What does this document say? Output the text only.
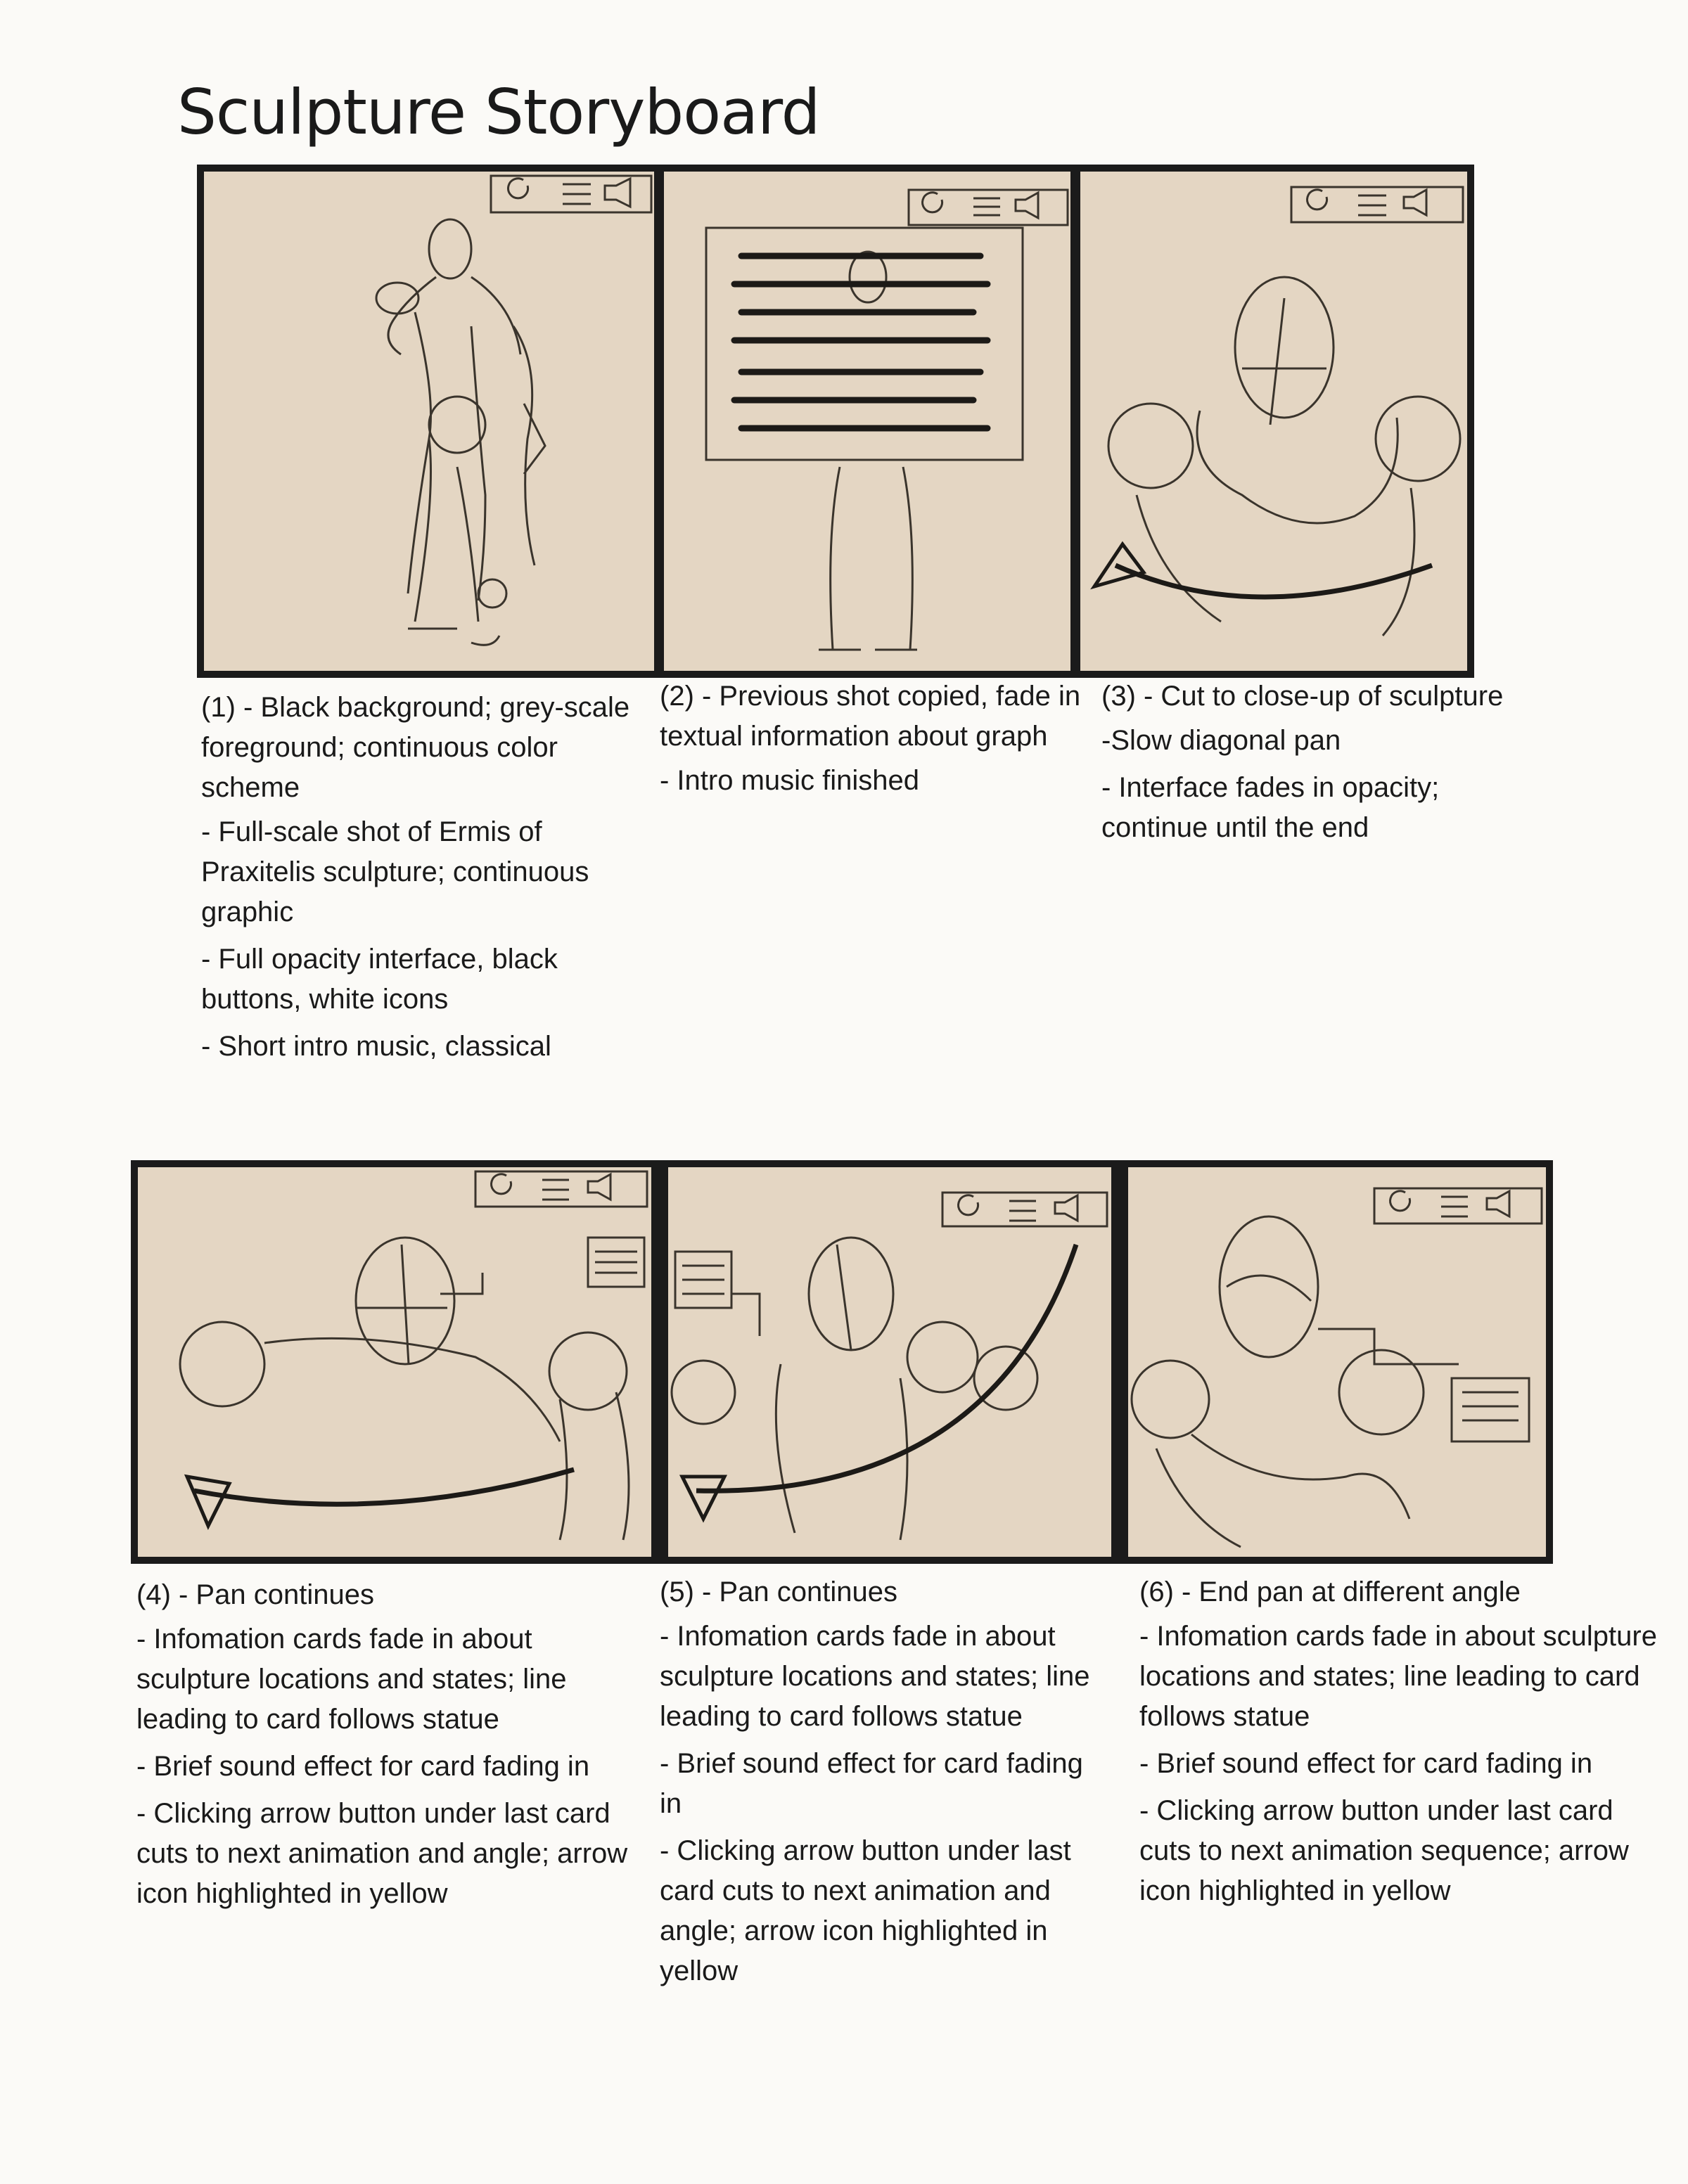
Sculpture Storyboard

(1) - Black background; grey-scale foreground; continuous color scheme

- Full-scale shot of Ermis of Praxitelis sculpture; continuous graphic

- Full opacity interface, black buttons, white icons

- Short intro music, classical

(2) - Previous shot copied, fade in textual information about graph

- Intro music finished

(3) - Cut to close-up of sculpture

-Slow diagonal pan

- Interface fades in opacity; continue until the end

(4) - Pan continues

- Infomation cards fade in about sculpture locations and states; line leading to card follows statue

- Brief sound effect for card fading in

- Clicking arrow button under last card cuts to next animation and angle; arrow icon highlighted in yellow

(5) - Pan continues

- Infomation cards fade in about sculpture locations and states; line leading to card follows statue

- Brief sound effect for card fading in

- Clicking arrow button under last card cuts to next animation and angle; arrow icon highlighted in yellow

(6) - End pan at different angle

- Infomation cards fade in about sculpture locations and states; line leading to card follows statue

- Brief sound effect for card fading in

- Clicking arrow button under last card cuts to next animation sequence; arrow icon highlighted in yellow
